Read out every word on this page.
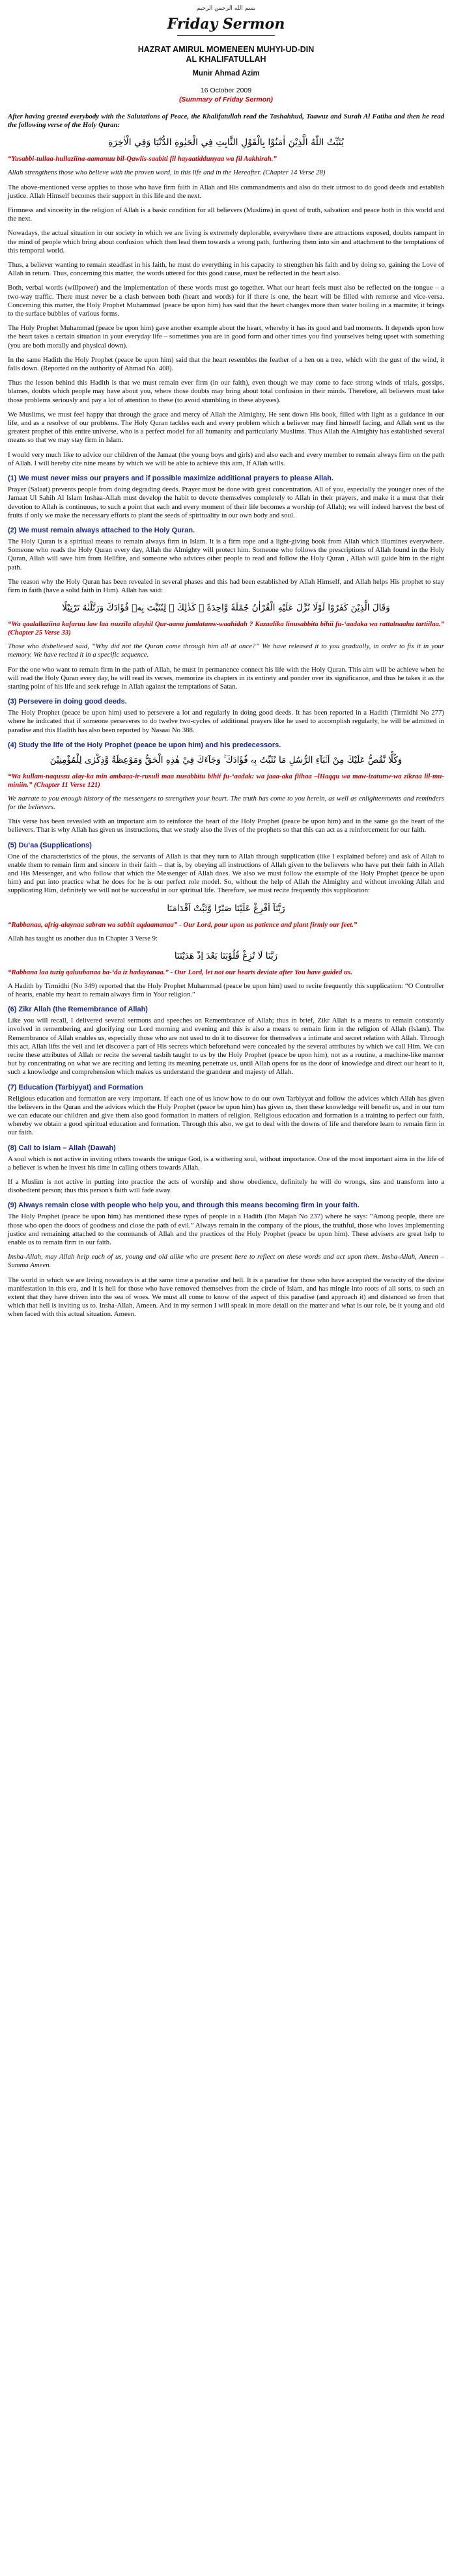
بسم الله الرحمن الرحيم
Friday Sermon
HAZRAT AMIRUL MOMENEEN MUHYI-UD-DIN
AL KHALIFATULLAH
Munir Ahmad Azim
16 October 2009
(Summary of Friday Sermon)

After having greeted everybody with the Salutations of Peace, the Khalifatullah read the Tashahhud, Taawuz and Surah Al Fatiha and then he read the following verse of the Holy Quran:

يُثَبِّتُ اللّٰهُ الَّذِيْنَ اٰمَنُوْا بِالْقَوْلِ الثَّابِتِ فِي الْحَيٰوةِ الدُّنْيَا وَفِي الْاٰخِرَةِ

“Yusabbi-tullaa-hullaziina-aamanuu bil-Qawlis-saabiti fil hayaatiddunyaa wa fil Aakhirah.”

Allah strengthens those who believe with the proven word, in this life and in the Hereafter. (Chapter 14 Verse 28)

The above-mentioned verse applies to those who have firm faith in Allah and His commandments and also do their utmost to do good deeds and establish justice. Allah Himself becomes their support in this life and the next.

Firmness and sincerity in the religion of Allah is a basic condition for all believers (Muslims) in quest of truth, salvation and peace both in this world and the next.

Nowadays, the actual situation in our society in which we are living is extremely deplorable, everywhere there are attractions exposed, doubts rampant in the mind of people which bring about confusion which then lead them towards a wrong path, furthering them into sin and attachment to the temptations of this temporal world.

Thus, a believer wanting to remain steadfast in his faith, he must do everything in his capacity to strengthen his faith and by doing so, gaining the Love of Allah in return. Thus, concerning this matter, the words uttered for this good cause, must be reflected in the heart also.

Both, verbal words (willpower) and the implementation of these words must go together. What our heart feels must also be reflected on the tongue – a two-way traffic. There must never be a clash between both (heart and words) for if there is one, the heart will be filled with remorse and vice-versa. Concerning this matter, the Holy Prophet Muhammad (peace be upon him) has said that the heart changes more than water boiling in a marmite; it brings to the surface bubbles of various forms.

The Holy Prophet Muhammad (peace be upon him) gave another example about the heart, whereby it has its good and bad moments. It depends upon how the heart takes a certain situation in your everyday life – sometimes you are in good form and other times you find yourselves being upset with something (you are both morally and physical down).

In the same Hadith the Holy Prophet (peace be upon him) said that the heart resembles the feather of a hen on a tree, which with the gust of the wind, it falls down. (Reported on the authority of Ahmad No. 408).

Thus the lesson behind this Hadith is that we must remain ever firm (in our faith), even though we may come to face strong winds of trials, gossips, blames, doubts which people may have about you, where those doubts may bring about total confusion in their minds. Therefore, all believers must take those problems seriously and pay a lot of attention to these (to avoid stumbling in these abysses).

We Muslims, we must feel happy that through the grace and mercy of Allah the Almighty, He sent down His book, filled with light as a guidance in our life, and as a resolver of our problems. The Holy Quran tackles each and every problem which a believer may find himself facing, and Allah sent us the greatest prophet of this entire universe, who is a perfect model for all humanity and particularly Muslims. Thus Allah the Almighty has established several means so that we may stay firm in Islam.

I would very much like to advice our children of the Jamaat (the young boys and girls) and also each and every member to remain always firm on the path of Allah. I will hereby cite nine means by which we will be able to achieve this aim, If Allah wills.

(1) We must never miss our prayers and if possible maximize additional prayers to please Allah.

Prayer (Salaat) prevents people from doing degrading deeds. Prayer must be done with great concentration. All of you, especially the younger ones of the Jamaat Ul Sahih Al Islam Inshaa-Allah must develop the habit to devote themselves completely to Allah in their prayers, and make it a must that their devotion to Allah is continuous, to such a point that each and every moment of their life becomes a worship (of Allah); we will indeed harvest the best of fruits if only we make the necessary efforts to plant the seeds of spirituality in our own body and soul.

(2) We must remain always attached to the Holy Quran.

The Holy Quran is a spiritual means to remain always firm in Islam. It is a firm rope and a light-giving book from Allah which illumines everywhere. Someone who reads the Holy Quran every day, Allah the Almighty will protect him. Someone who follows the prescriptions of Allah found in the Holy Quran, Allah will save him from Hellfire, and someone who advices other people to read and follow the Holy Quran , Allah will guide him in the right path.

The reason why the Holy Quran has been revealed in several phases and this had been established by Allah Himself, and Allah helps His prophet to stay firm in faith (have a solid faith in Him). Allah has said:

وَقَالَ الَّذِيْنَ كَفَرُوْا لَوْلَا نُزِّلَ عَلَيْهِ الْقُرْاٰنُ جُمْلَةً وَّاحِدَةً ۛ كَذٰلِكَ ۛ لِنُثَبِّتَ بِهٖ فُؤَادَكَ وَرَتَّلْنٰهُ تَرْتِيْلًا

“Wa qaalallaziina kafaruu law laa nuzzila alayhil Qur-aanu jumlatanw-waahidah ? Kazaalika linusabbita bihii fu-‘aadaka wa rattalnaahu tartiilaa.” (Chapter 25 Verse 33)

Those who disbelieved said, “Why did not the Quran come through him all at once?” We have released it to you gradually, in order to fix it in your memory. We have recited it in a specific sequence.

For the one who want to remain firm in the path of Allah, he must in permanence connect his life with the Holy Quran. This aim will be achieve when he will read the Holy Quran every day, he will read its verses, memorize its chapters in its entirety and ponder over its significance, and thus he takes it as the starting point of his life and seek refuge in Allah against the temptations of Satan.

(3) Persevere in doing good deeds.

The Holy Prophet (peace be upon him) used to persevere a lot and regularly in doing good deeds. It has been reported in a Hadith (Tirmidhi No 277) where he indicated that if someone perseveres to do twelve two-cycles of additional prayers like he used to accomplish regularly, he will be admitted in paradise and this Hadith has also been reported by Nasaai No 388.

(4) Study the life of the Holy Prophet (peace be upon him) and his predecessors.
وَكُلًّا نَّقُصُّ عَلَيْكَ مِنْ اَنْۢبَآءِ الرُّسُلِ مَا نُثَبِّتُ بِهٖ فُؤَادَكَ ۚ وَجَآءَكَ فِيْ هٰذِهِ الْحَقُّ وَمَوْعِظَةٌ وَّذِكْرٰى لِلْمُؤْمِنِيْنَ

“Wa kullam-naqussu alay-ka min ambaaa-ir-rusuli maa nusabbitu bihii fu-‘aadak: wa jaaa-aka fiihaa –lHaqqu wa maw-izatunw-wa zikraa lil-mu-miniin.” (Chapter 11 Verse 121)

We narrate to you enough history of the messengers to strengthen your heart. The truth has come to you herein, as well as enlightenments and reminders for the believers.

This verse has been revealed with an important aim to reinforce the heart of the Holy Prophet (peace be upon him) and in the same go the heart of the believers. That is why Allah has given us instructions, that we study also the lives of the prophets so that this can act as a reinforcement for our faith.

(5) Du’aa (Supplications)

One of the characteristics of the pious, the servants of Allah is that they turn to Allah through supplication (like I explained before) and ask of Allah to enable them to remain firm and sincere in their faith – that is, by obeying all instructions of Allah given to the believers who have put their faith in Allah and His Messenger, and who follow that which the Messenger of Allah does. We also we must follow the example of the Holy Prophet (peace be upon him) and put into practice what he does for he is our perfect role model. So, without the help of Allah the Almighty and without invoking Allah and supplicating Him, definitely we will not be successful in our spiritual life. Therefore, we must recite frequently this supplication:

رَبَّنَآ اَفْرِغْ عَلَيْنَا صَبْرًا وَّثَبِّتْ اَقْدَامَنَا

“Rabbanaa, afrig-alaynaa sabran wa sabbit aqdaamanaa” - Our Lord, pour upon us patience and plant firmly our feet.”

Allah has taught us another dua in Chapter 3 Verse 9:

رَبَّنَا لَا تُزِغْ قُلُوْبَنَا بَعْدَ اِذْ هَدَيْتَنَا

“Rabbana laa tuzig qaluubanaa ba-‘da iz hadaytanaa.” - Our Lord, let not our hearts deviate after You have guided us.

A Hadith by Tirmidhi (No 349) reported that the Holy Prophet Muhammad (peace be upon him) used to recite frequently this supplication: “O Controller of hearts, enable my heart to remain always firm in Your religion.”

(6) Zikr Allah (the Remembrance of Allah)

Like you will recall, I delivered several sermons and speeches on Remembrance of Allah; thus in brief, Zikr Allah is a means to remain constantly involved in remembering and glorifying our Lord morning and evening and this is also a means to remain firm in the religion of Allah (Islam). The Remembrance of Allah enables us, especially those who are not used to do it to discover for themselves a intimate and secret relation with Allah. Through this act, Allah lifts the veil and let discover a part of His secrets which beforehand were concealed by the several attributes by which we call Him. We can recite these attributes of Allah or recite the several tasbih taught to us by the Holy Prophet (peace be upon him), not as a routine, a machine-like manner but by concentrating on what we are reciting and letting its meaning penetrate us, until Allah opens for us the door of knowledge and direct our heart to it, such a knowledge and comprehension which makes us understand the grandeur and majesty of Allah.

(7) Education (Tarbiyyat) and Formation

Religious education and formation are very important. If each one of us know how to do our own Tarbiyyat and follow the advices which Allah has given the believers in the Quran and the advices which the Holy Prophet (peace be upon him) has given us, then these knowledge will benefit us, and in our turn we can educate our children and give them also good formation in matters of religion. Religious education and formation is a training to perfect our faith, whereby we obtain a good spiritual education and formation. Through this also, we get to deal with the downs of life and therefore learn to remain firm in our faith.

(8) Call to Islam – Allah (Dawah)

A soul which is not active in inviting others towards the unique God, is a withering soul, without importance. One of the most important aims in the life of a believer is when he invest his time in calling others towards Allah.

If a Muslim is not active in putting into practice the acts of worship and show obedience, definitely he will do wrongs, sins and transform into a disobedient person; thus this person's faith will fade away.

(9) Always remain close with people who help you, and through this means becoming firm in your faith.

The Holy Prophet (peace be upon him) has mentioned these types of people in a Hadith (Ibn Majah No 237) where he says: “Among people, there are those who open the doors of goodness and close the path of evil.” Always remain in the company of the pious, the truthful, those who loves implementing justice and remaining attached to the commands of Allah and the practices of the Holy Prophet (peace be upon him). These advisers are great help to enable us to remain firm in our faith.

Insha-Allah, may Allah help each of us, young and old alike who are present here to reflect on these words and act upon them. Insha-Allah, Ameen – Summa Ameen.

The world in which we are living nowadays is at the same time a paradise and hell. It is a paradise for those who have accepted the veracity of the divine manifestation in this era, and it is hell for those who have removed themselves from the circle of Islam, and has mingle into roots of all sorts, to such an extent that they have driven into the sea of woes. We must all come to know of the aspect of this paradise (and approach it) and distanced so from that which that hell is inviting us to. Insha-Allah, Ameen. And in my sermon I will speak in more detail on the matter and what is our role, be it young and old when faced with this actual situation. Ameen.
